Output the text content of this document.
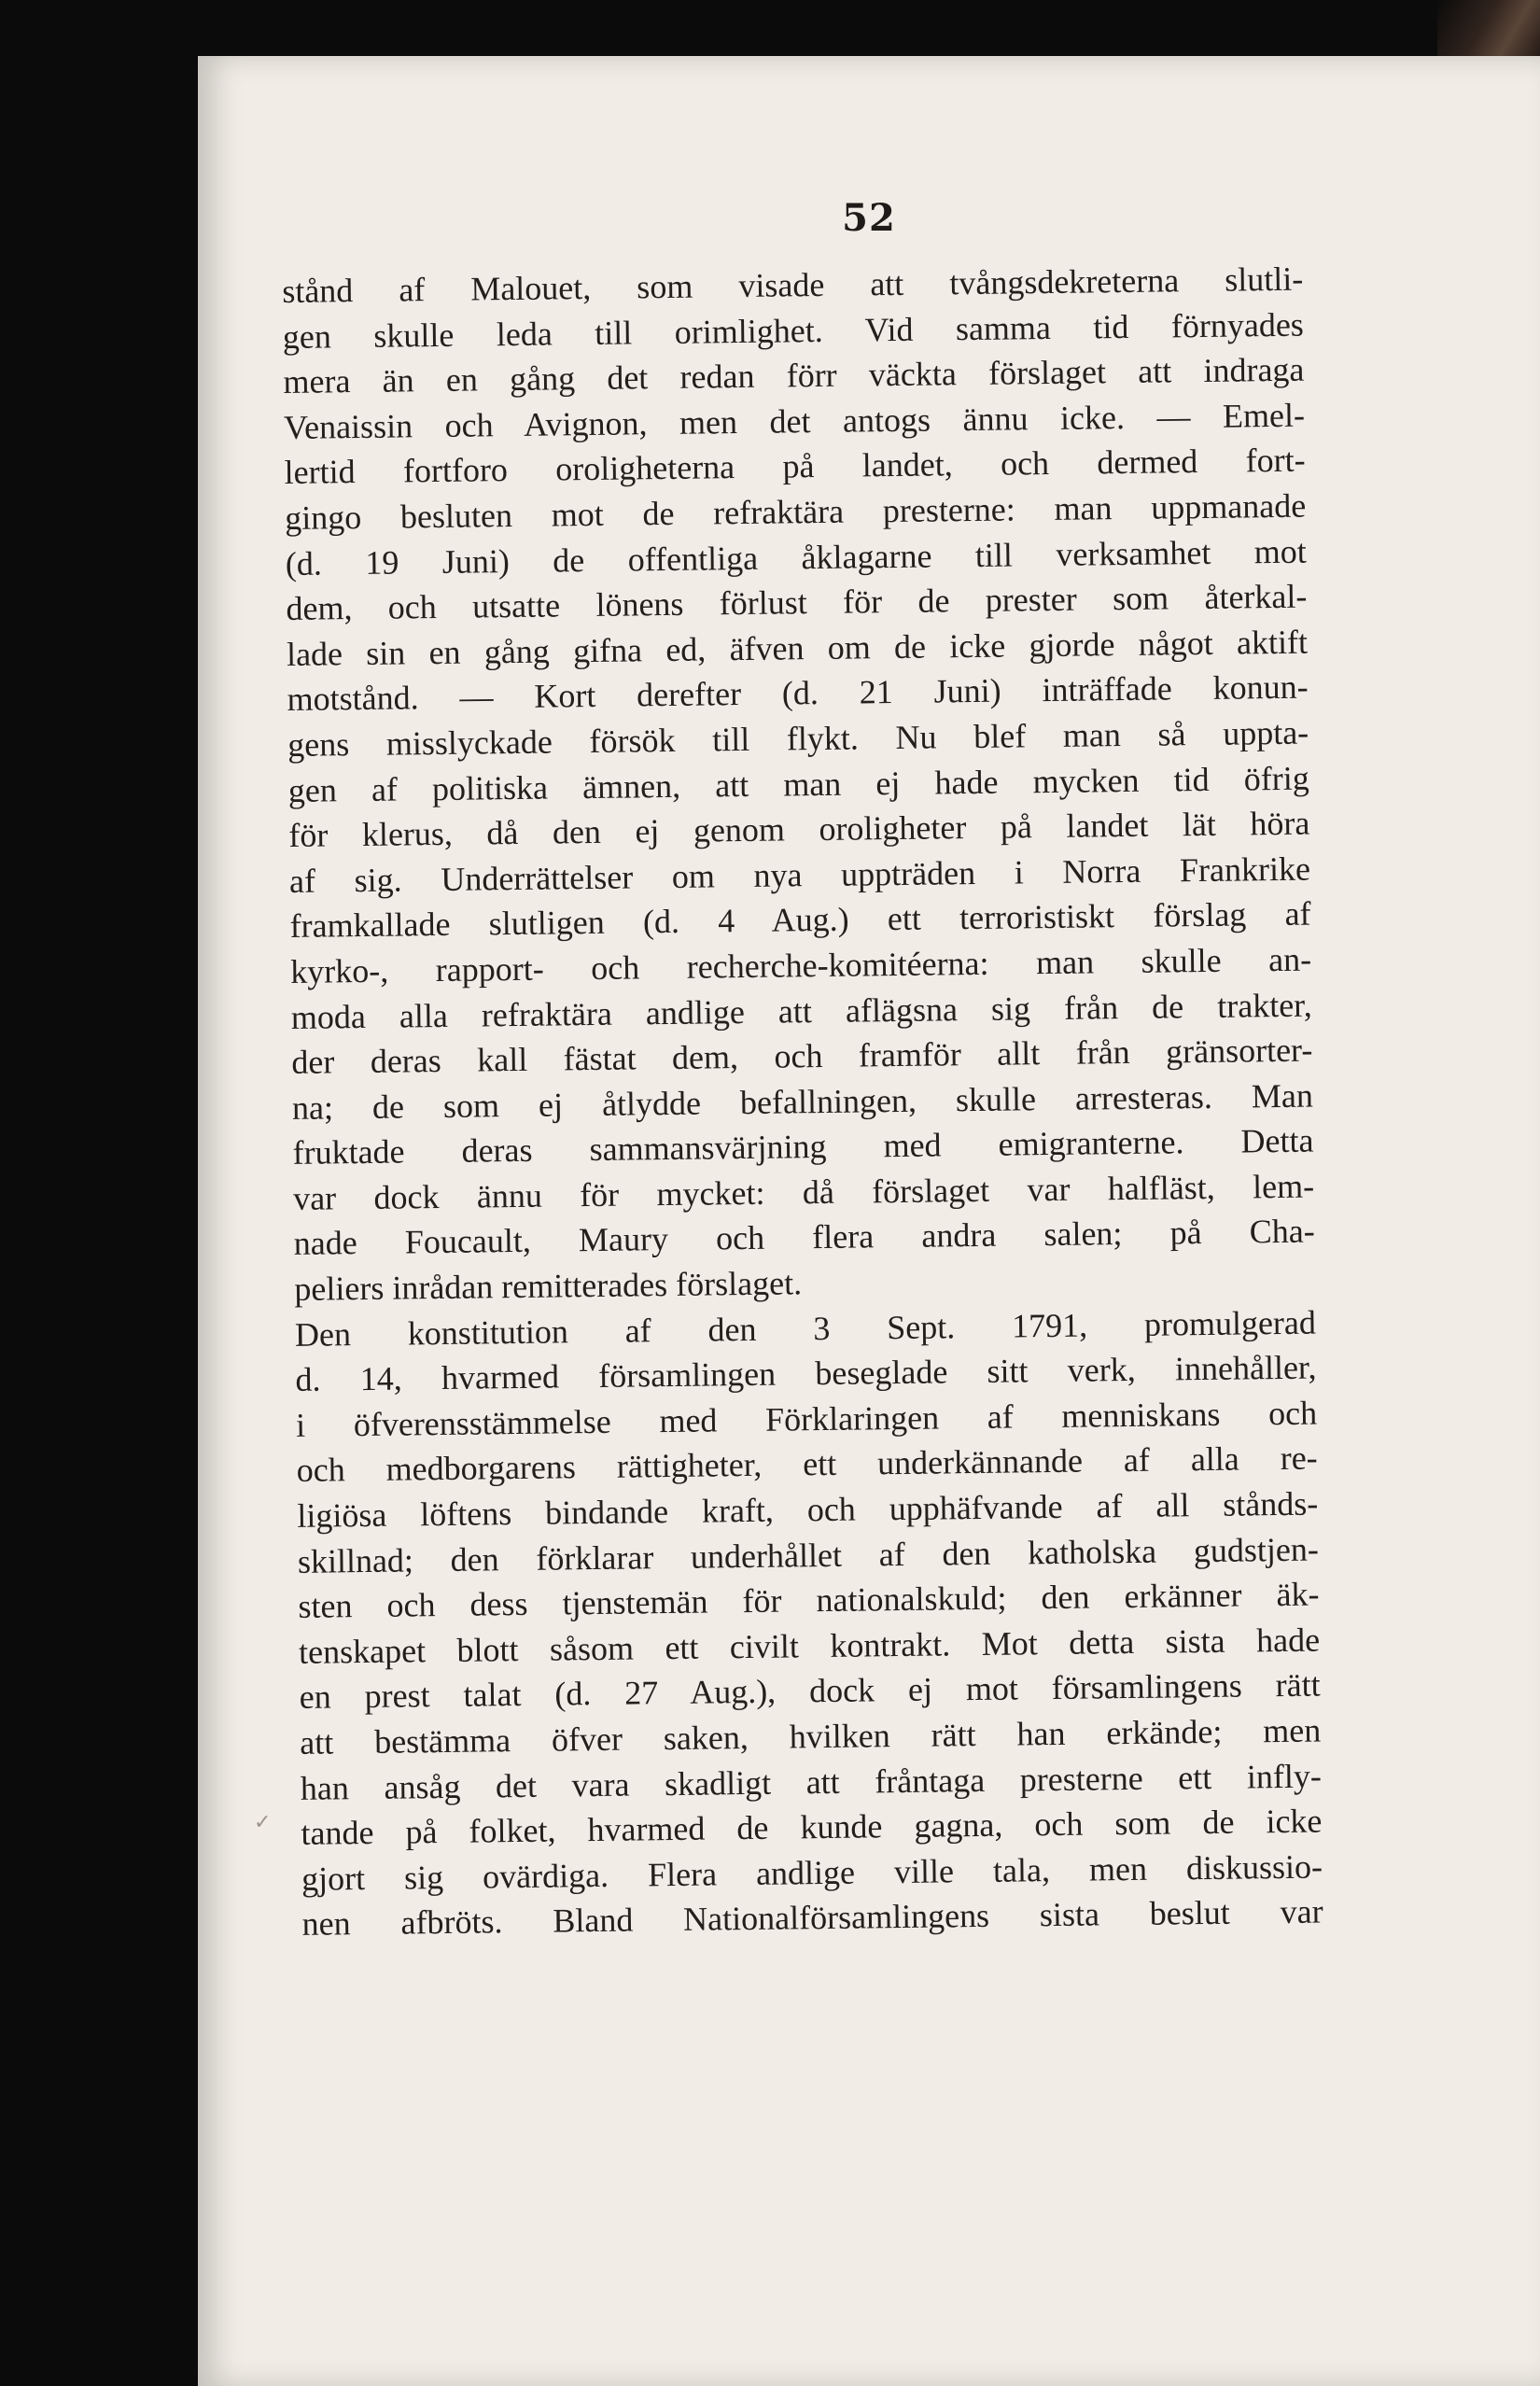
52
✓
stånd af Malouet, som visade att tvångsdekreterna slutli-
gen skulle leda till orimlighet. Vid samma tid förnyades
mera än en gång det redan förr väckta förslaget att indraga
Venaissin och Avignon, men det antogs ännu icke. — Emel-
lertid fortforo oroligheterna på landet, och dermed fort-
gingo besluten mot de refraktära presterne: man uppmanade
(d. 19 Juni) de offentliga åklagarne till verksamhet mot
dem, och utsatte lönens förlust för de prester som återkal-
lade sin en gång gifna ed, äfven om de icke gjorde något aktift
motstånd. — Kort derefter (d. 21 Juni) inträffade konun-
gens misslyckade försök till flykt. Nu blef man så uppta-
gen af politiska ämnen, att man ej hade mycken tid öfrig
för klerus, då den ej genom oroligheter på landet lät höra
af sig. Underrättelser om nya uppträden i Norra Frankrike
framkallade slutligen (d. 4 Aug.) ett terroristiskt förslag af
kyrko-, rapport- och recherche-komitéerna: man skulle an-
moda alla refraktära andlige att aflägsna sig från de trakter,
der deras kall fästat dem, och framför allt från gränsorter-
na; de som ej åtlydde befallningen, skulle arresteras. Man
fruktade deras sammansvärjning med emigranterne. Detta
var dock ännu för mycket: då förslaget var halfläst, lem-
nade Foucault, Maury och flera andra salen; på Cha-
peliers inrådan remitterades förslaget.
Den konstitution af den 3 Sept. 1791, promulgerad
d. 14, hvarmed församlingen beseglade sitt verk, innehåller,
i öfverensstämmelse med Förklaringen af menniskans och
och medborgarens rättigheter, ett underkännande af alla re-
ligiösa löftens bindande kraft, och upphäfvande af all stånds-
skillnad; den förklarar underhållet af den katholska gudstjen-
sten och dess tjenstemän för nationalskuld; den erkänner äk-
tenskapet blott såsom ett civilt kontrakt. Mot detta sista hade
en prest talat (d. 27 Aug.), dock ej mot församlingens rätt
att bestämma öfver saken, hvilken rätt han erkände; men
han ansåg det vara skadligt att fråntaga presterne ett infly-
tande på folket, hvarmed de kunde gagna, och som de icke
gjort sig ovärdiga. Flera andlige ville tala, men diskussio-
nen afbröts. Bland Nationalförsamlingens sista beslut var
